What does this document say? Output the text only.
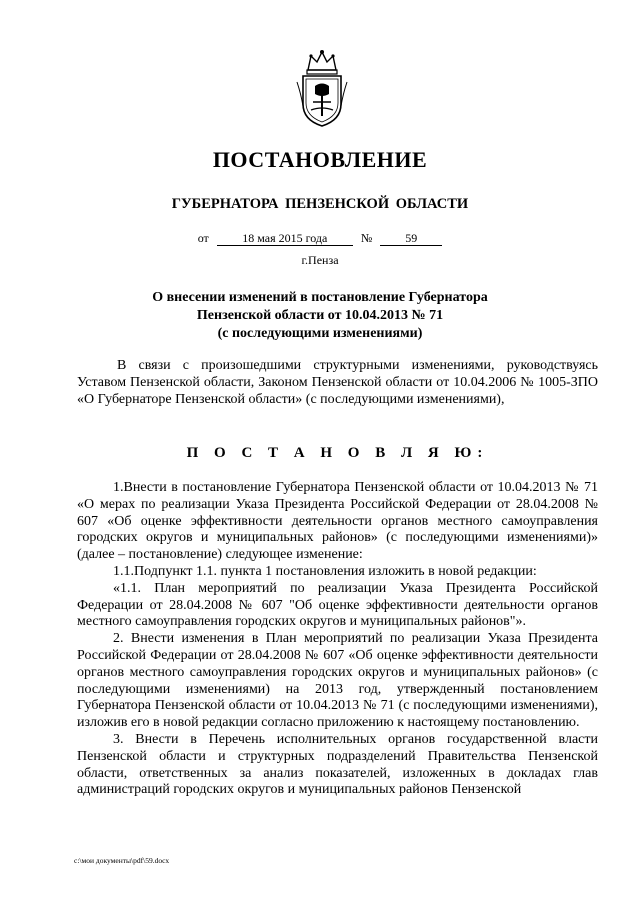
ПОСТАНОВЛЕНИЕ
ГУБЕРНАТОРА ПЕНЗЕНСКОЙ ОБЛАСТИ
от	18 мая 2015 года	№	59
г.Пенза
О внесении изменений в постановление Губернатора
Пензенской области от 10.04.2013 № 71
(с последующими изменениями)

В связи с произошедшими структурными изменениями, руководствуясь Уставом Пензенской области, Законом Пензенской области от 10.04.2006 № 1005-ЗПО «О Губернаторе Пензенской области» (с последующими изменениями),

П О С Т А Н О В Л Я Ю:

1.Внести в постановление Губернатора Пензенской области от 10.04.2013 № 71 «О мерах по реализации Указа Президента Российской Федерации от 28.04.2008 № 607 «Об оценке эффективности деятельности органов местного самоуправления городских округов и муниципальных районов» (с последующими изменениями)» (далее – постановление) следующее изменение:

1.1.Подпункт 1.1. пункта 1 постановления изложить в новой редакции:

«1.1. План мероприятий по реализации Указа Президента Российской Федерации от 28.04.2008 № 607 "Об оценке эффективности деятельности органов местного самоуправления городских округов и муниципальных районов"».

2. Внести изменения в План мероприятий по реализации Указа Президента Российской Федерации от 28.04.2008 № 607 «Об оценке эффективности деятельности органов местного самоуправления городских округов и муниципальных районов» (с последующими изменениями) на 2013 год, утвержденный постановлением Губернатора Пензенской области от 10.04.2013 № 71 (с последующими изменениями), изложив его в новой редакции согласно приложению к настоящему постановлению.

3. Внести в Перечень исполнительных органов государственной власти Пензенской области и структурных подразделений Правительства Пензенской области, ответственных за анализ показателей, изложенных в докладах глав администраций городских округов и муниципальных районов Пензенской

c:\мои документы\pdf\59.docx
